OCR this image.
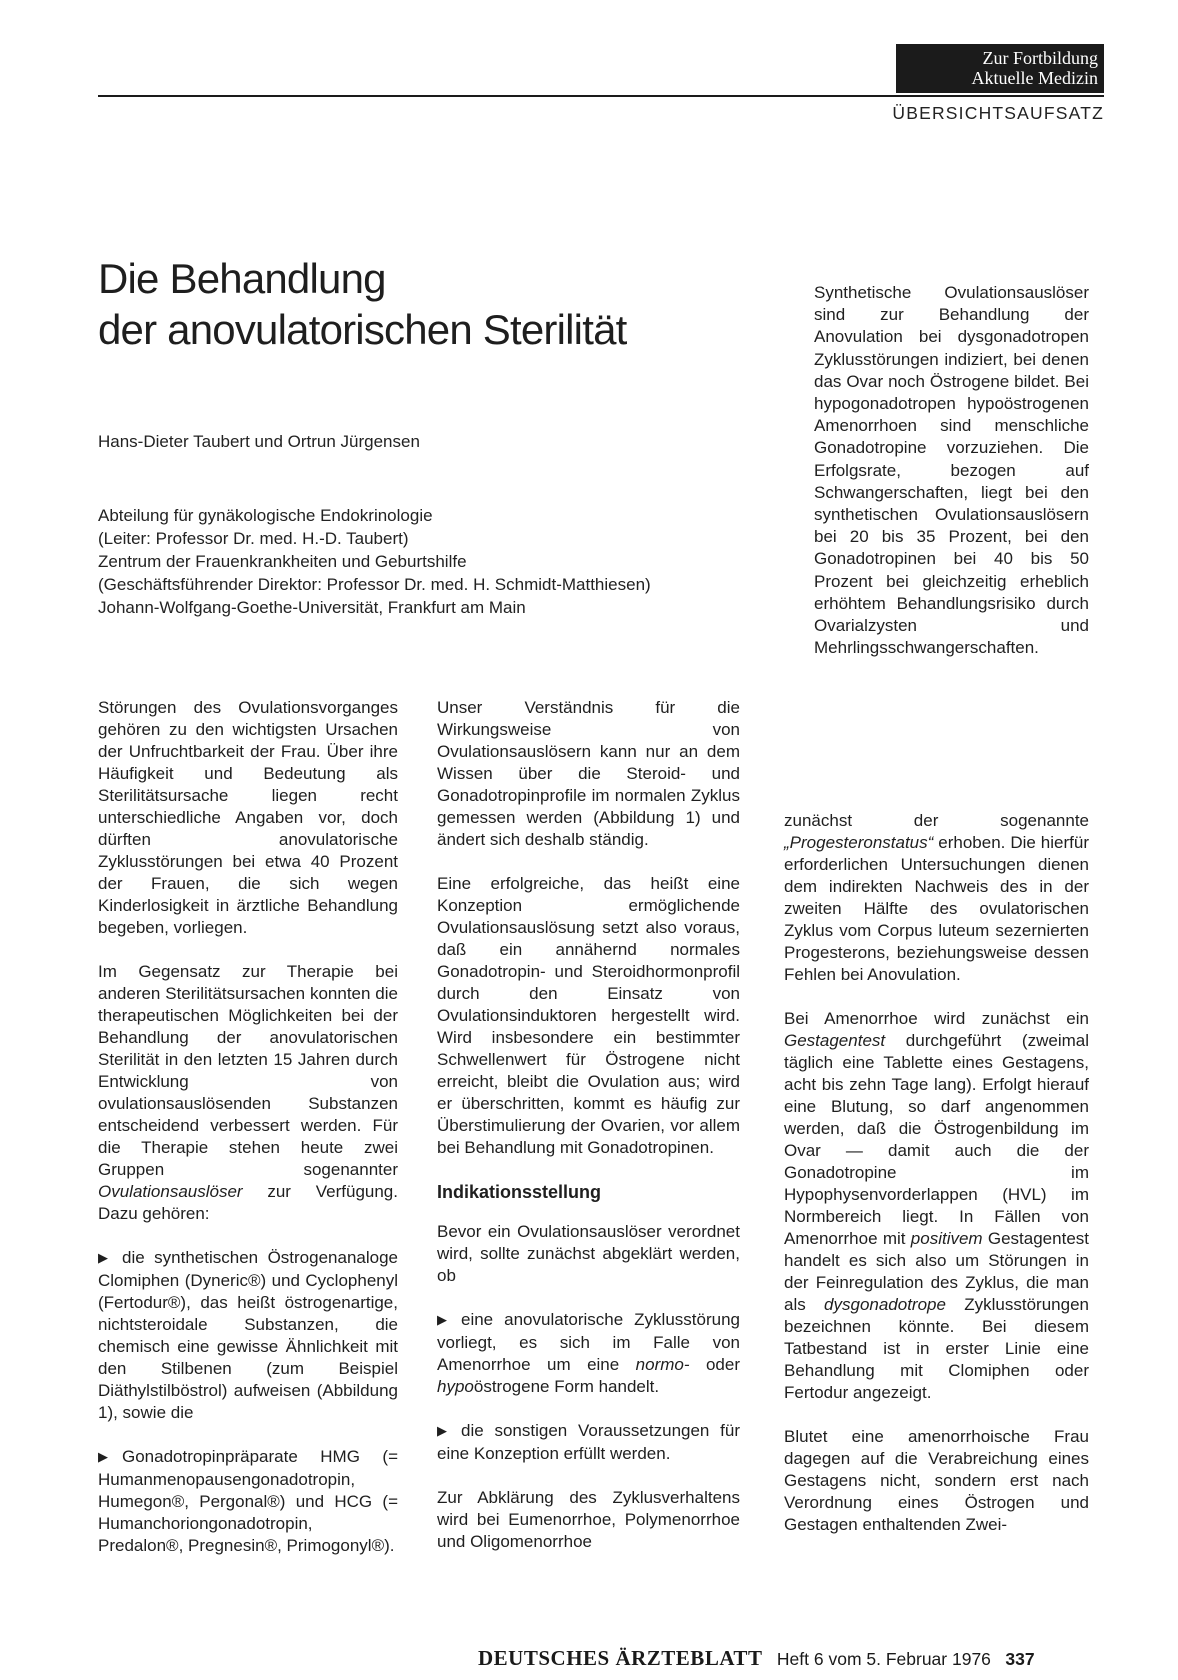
Zur Fortbildung
Aktuelle Medizin
ÜBERSICHTSAUFSATZ
Die Behandlung
der anovulatorischen Sterilität
Hans-Dieter Taubert und Ortrun Jürgensen
Abteilung für gynäkologische Endokrinologie
(Leiter: Professor Dr. med. H.-D. Taubert)
Zentrum der Frauenkrankheiten und Geburtshilfe
(Geschäftsführender Direktor: Professor Dr. med. H. Schmidt-Matthiesen)
Johann-Wolfgang-Goethe-Universität, Frankfurt am Main
Synthetische Ovulationsauslöser sind zur Behandlung der Anovulation bei dysgonadotropen Zyklusstörungen indiziert, bei denen das Ovar noch Östrogene bildet. Bei hypogonadotropen hypoöstrogenen Amenorrhoen sind menschliche Gonadotropine vorzuziehen. Die Erfolgsrate, bezogen auf Schwangerschaften, liegt bei den synthetischen Ovulationsauslösern bei 20 bis 35 Prozent, bei den Gonadotropinen bei 40 bis 50 Prozent bei gleichzeitig erheblich erhöhtem Behandlungsrisiko durch Ovarialzysten und Mehrlingsschwangerschaften.

Störungen des Ovulationsvorganges gehören zu den wichtigsten Ursachen der Unfruchtbarkeit der Frau. Über ihre Häufigkeit und Bedeutung als Sterilitätsursache liegen recht unterschiedliche Angaben vor, doch dürften anovulatorische Zyklusstörungen bei etwa 40 Prozent der Frauen, die sich wegen Kinderlosigkeit in ärztliche Behandlung begeben, vorliegen.

Im Gegensatz zur Therapie bei anderen Sterilitätsursachen konnten die therapeutischen Möglichkeiten bei der Behandlung der anovulatorischen Sterilität in den letzten 15 Jahren durch Entwicklung von ovulationsauslösenden Substanzen entscheidend verbessert werden. Für die Therapie stehen heute zwei Gruppen sogenannter Ovulationsauslöser zur Verfügung. Dazu gehören:

▶ die synthetischen Östrogenanaloge Clomiphen (Dyneric®) und Cyclophenyl (Fertodur®), das heißt östrogenartige, nichtsteroidale Substanzen, die chemisch eine gewisse Ähnlichkeit mit den Stilbenen (zum Beispiel Diäthylstilböstrol) aufweisen (Abbildung 1), sowie die

▶ Gonadotropinpräparate HMG (= Humanmenopausengonadotropin, Humegon®, Pergonal®) und HCG (= Humanchoriongonadotropin, Predalon®, Pregnesin®, Primogonyl®).

Unser Verständnis für die Wirkungsweise von Ovulationsauslösern kann nur an dem Wissen über die Steroid- und Gonadotropinprofile im normalen Zyklus gemessen werden (Abbildung 1) und ändert sich deshalb ständig.

Eine erfolgreiche, das heißt eine Konzeption ermöglichende Ovulationsauslösung setzt also voraus, daß ein annähernd normales Gonadotropin- und Steroidhormonprofil durch den Einsatz von Ovulationsinduktoren hergestellt wird. Wird insbesondere ein bestimmter Schwellenwert für Östrogene nicht erreicht, bleibt die Ovulation aus; wird er überschritten, kommt es häufig zur Überstimulierung der Ovarien, vor allem bei Behandlung mit Gonadotropinen.

Indikationsstellung

Bevor ein Ovulationsauslöser verordnet wird, sollte zunächst abgeklärt werden, ob

▶ eine anovulatorische Zyklusstörung vorliegt, es sich im Falle von Amenorrhoe um eine normo- oder hypoöstrogene Form handelt.

▶ die sonstigen Voraussetzungen für eine Konzeption erfüllt werden.

Zur Abklärung des Zyklusverhaltens wird bei Eumenorrhoe, Polymenorrhoe und Oligomenorrhoe

zunächst der sogenannte „Progesteronstatus“ erhoben. Die hierfür erforderlichen Untersuchungen dienen dem indirekten Nachweis des in der zweiten Hälfte des ovulatorischen Zyklus vom Corpus luteum sezernierten Progesterons, beziehungsweise dessen Fehlen bei Anovulation.

Bei Amenorrhoe wird zunächst ein Gestagentest durchgeführt (zweimal täglich eine Tablette eines Gestagens, acht bis zehn Tage lang). Erfolgt hierauf eine Blutung, so darf angenommen werden, daß die Östrogenbildung im Ovar — damit auch die der Gonadotropine im Hypophysenvorderlappen (HVL) im Normbereich liegt. In Fällen von Amenorrhoe mit positivem Gestagentest handelt es sich also um Störungen in der Feinregulation des Zyklus, die man als dysgonadotrope Zyklusstörungen bezeichnen könnte. Bei diesem Tatbestand ist in erster Linie eine Behandlung mit Clomiphen oder Fertodur angezeigt.

Blutet eine amenorrhoische Frau dagegen auf die Verabreichung eines Gestagens nicht, sondern erst nach Verordnung eines Östrogen und Gestagen enthaltenden Zwei-

DEUTSCHES ÄRZTEBLATT Heft 6 vom 5. Februar 1976 337
